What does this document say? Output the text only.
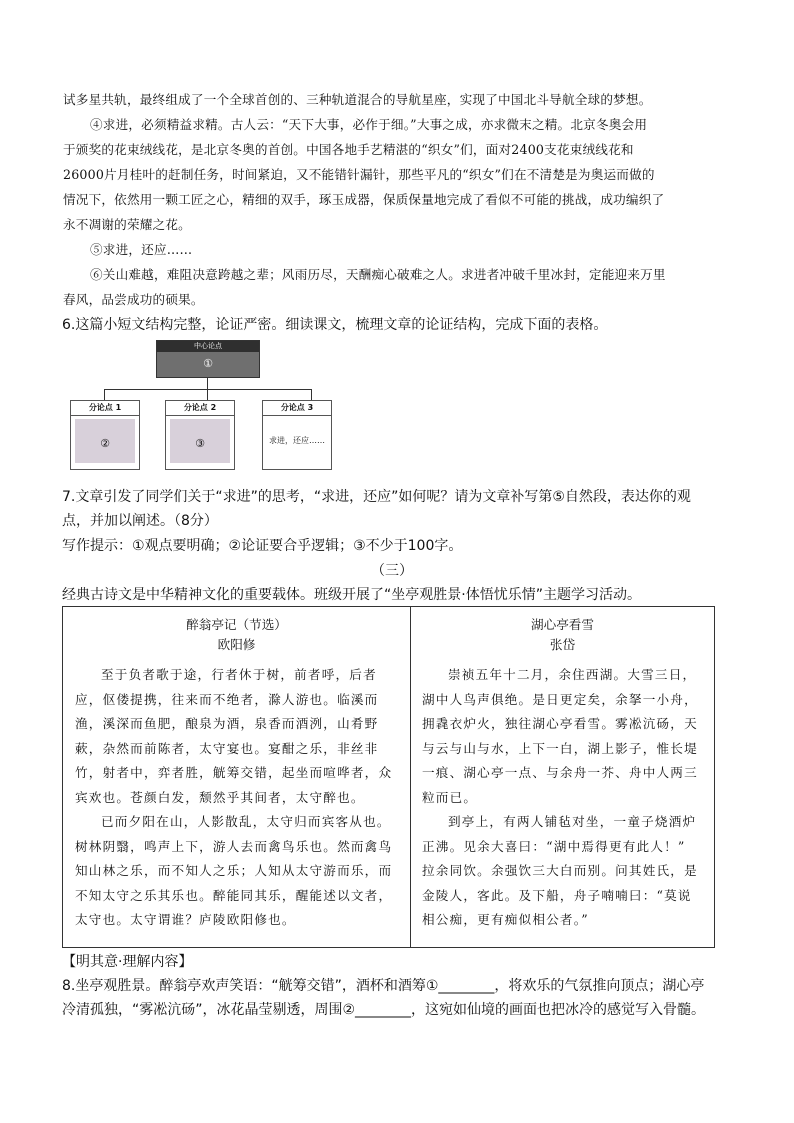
试多星共轨，最终组成了一个全球首创的、三种轨道混合的导航星座，实现了中国北斗导航全球的梦想。
④求进，必须精益求精。古人云：“天下大事，必作于细。”大事之成，亦求微末之精。北京冬奥会用
于颁奖的花束绒线花，是北京冬奥的首创。中国各地手艺精湛的“织女”们，面对2400支花束绒线花和
26000片月桂叶的赶制任务，时间紧迫，又不能错针漏针，那些平凡的“织女”们在不清楚是为奥运而做的
情况下，依然用一颗工匠之心，精细的双手，琢玉成器，保质保量地完成了看似不可能的挑战，成功编织了
永不凋谢的荣耀之花。
⑤求进，还应……
⑥关山难越，难阻决意跨越之辈；风雨历尽，天酬痴心破难之人。求进者冲破千里冰封，定能迎来万里
春风，品尝成功的硕果。
6.这篇小短文结构完整，论证严密。细读课文，梳理文章的论证结构，完成下面的表格。
中心论点
①
分论点 1
②
分论点 2
③
分论点 3
求进，还应……
7.文章引发了同学们关于“求进”的思考，“求进，还应”如何呢？请为文章补写第⑤自然段，表达你的观
点，并加以阐述。（8分）
写作提示：①观点要明确；②论证要合乎逻辑；③不少于100字。
（三）
经典古诗文是中华精神文化的重要载体。班级开展了“坐亭观胜景·体悟忧乐情”主题学习活动。
醉翁亭记（节选）
欧阳修
至于负者歌于途，行者休于树，前者呼，后者
应，伛偻提携，往来而不绝者，滁人游也。临溪而
渔，溪深而鱼肥，酿泉为酒，泉香而酒洌，山肴野
蔌，杂然而前陈者，太守宴也。宴酣之乐，非丝非
竹，射者中，弈者胜，觥筹交错，起坐而喧哗者，众
宾欢也。苍颜白发，颓然乎其间者，太守醉也。
已而夕阳在山，人影散乱，太守归而宾客从也。
树林阴翳，鸣声上下，游人去而禽鸟乐也。然而禽鸟
知山林之乐，而不知人之乐；人知从太守游而乐，而
不知太守之乐其乐也。醉能同其乐，醒能述以文者，
太守也。太守谓谁？庐陵欧阳修也。
湖心亭看雪
张岱
崇祯五年十二月，余住西湖。大雪三日，
湖中人鸟声俱绝。是日更定矣，余拏一小舟，
拥毳衣炉火，独往湖心亭看雪。雾凇沆砀，天
与云与山与水，上下一白，湖上影子，惟长堤
一痕、湖心亭一点、与余舟一芥、舟中人两三
粒而已。
到亭上，有两人铺毡对坐，一童子烧酒炉
正沸。见余大喜曰：“湖中焉得更有此人！”
拉余同饮。余强饮三大白而别。问其姓氏，是
金陵人，客此。及下船，舟子喃喃曰：“莫说
相公痴，更有痴似相公者。”
【明其意·理解内容】
8.坐亭观胜景。醉翁亭欢声笑语：“觥筹交错”，酒杯和酒筹①________，将欢乐的气氛推向顶点；湖心亭
冷清孤独，“雾凇沆砀”，冰花晶莹剔透，周围②________，这宛如仙境的画面也把冰冷的感觉写入骨髓。
